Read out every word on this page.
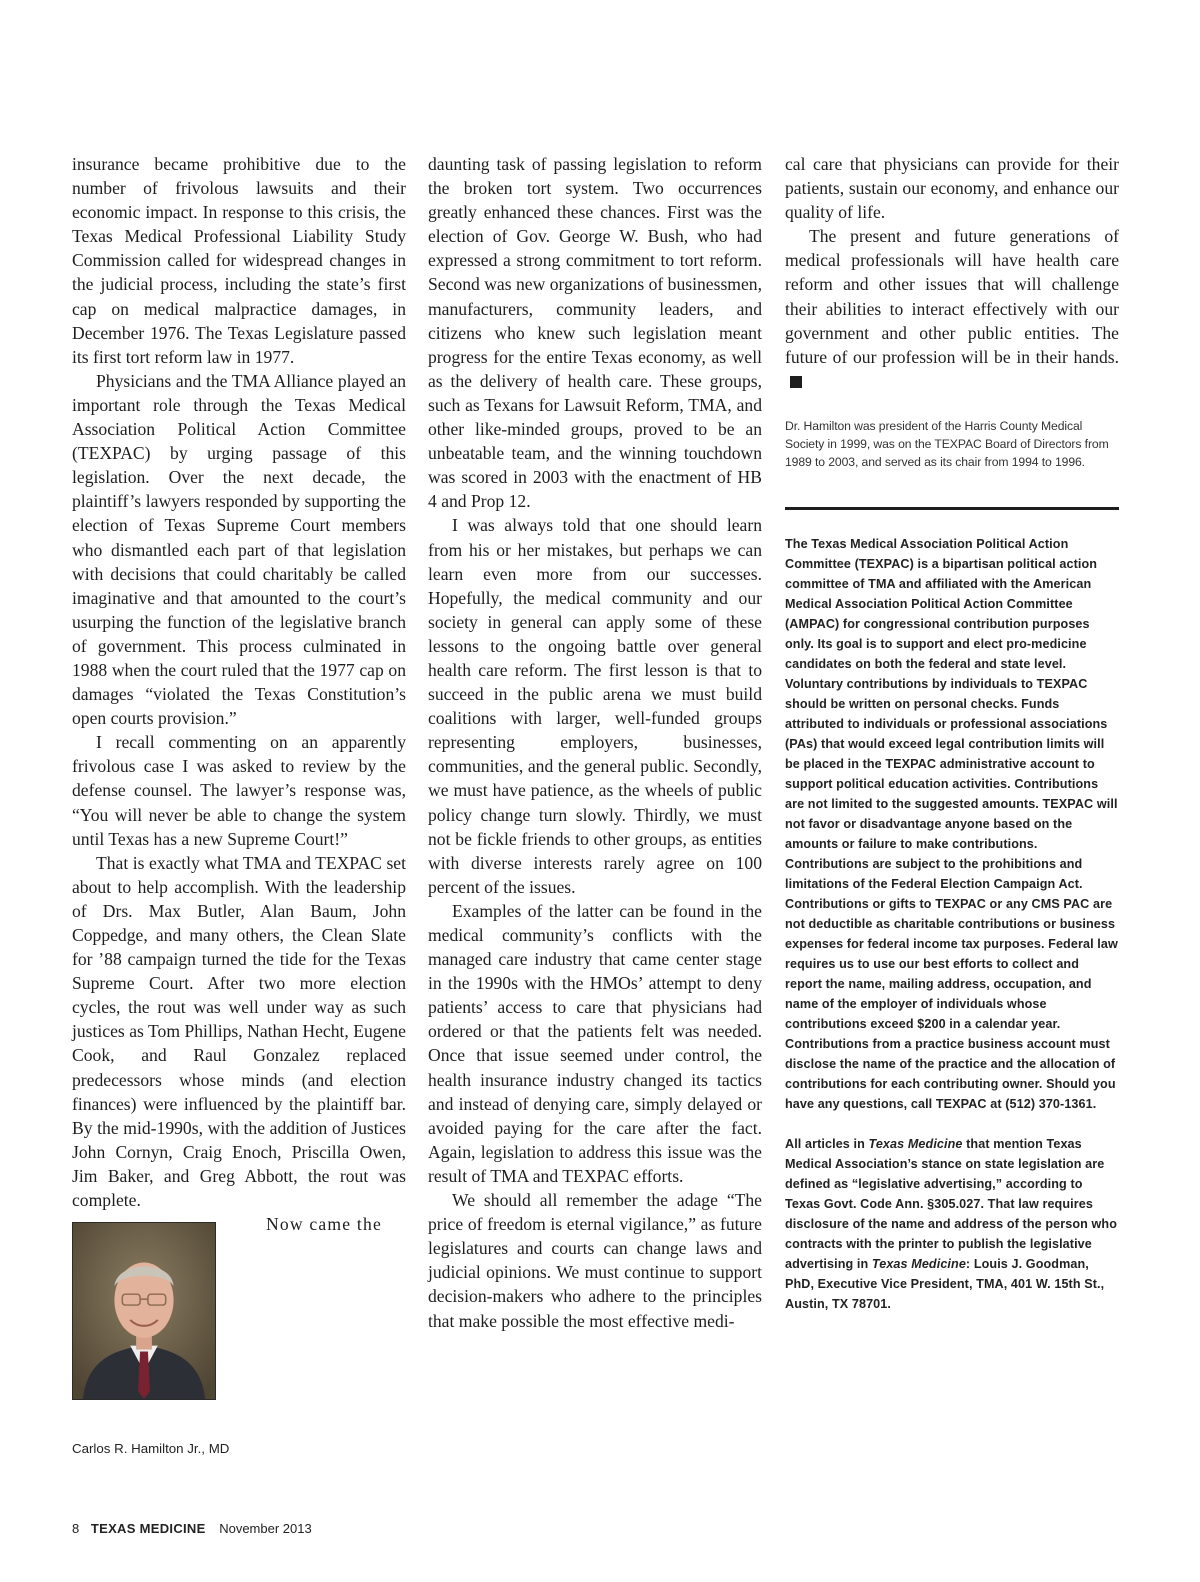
insurance became prohibitive due to the number of frivolous lawsuits and their economic impact. In response to this crisis, the Texas Medical Professional Liability Study Commission called for widespread changes in the judicial process, including the state’s first cap on medical malpractice damages, in December 1976. The Texas Legislature passed its first tort reform law in 1977.

Physicians and the TMA Alliance played an important role through the Texas Medical Association Political Action Committee (TEXPAC) by urging passage of this legislation. Over the next decade, the plaintiff’s lawyers responded by supporting the election of Texas Supreme Court members who dismantled each part of that legislation with decisions that could charitably be called imaginative and that amounted to the court’s usurping the function of the legislative branch of government. This process culminated in 1988 when the court ruled that the 1977 cap on damages “violated the Texas Constitution’s open courts provision.”

I recall commenting on an apparently frivolous case I was asked to review by the defense counsel. The lawyer’s response was, “You will never be able to change the system until Texas has a new Supreme Court!”

That is exactly what TMA and TEXPAC set about to help accomplish. With the leadership of Drs. Max Butler, Alan Baum, John Coppedge, and many others, the Clean Slate for ’88 campaign turned the tide for the Texas Supreme Court. After two more election cycles, the rout was well under way as such justices as Tom Phillips, Nathan Hecht, Eugene Cook, and Raul Gonzalez replaced predecessors whose minds (and election finances) were influenced by the plaintiff bar. By the mid-1990s, with the addition of Justices John Cornyn, Craig Enoch, Priscilla Owen, Jim Baker, and Greg Abbott, the rout was complete.

Carlos R. Hamilton Jr., MD

Now came the

daunting task of passing legislation to reform the broken tort system. Two occurrences greatly enhanced these chances. First was the election of Gov. George W. Bush, who had expressed a strong commitment to tort reform. Second was new organizations of businessmen, manufacturers, community leaders, and citizens who knew such legislation meant progress for the entire Texas economy, as well as the delivery of health care. These groups, such as Texans for Lawsuit Reform, TMA, and other like-minded groups, proved to be an unbeatable team, and the winning touchdown was scored in 2003 with the enactment of HB 4 and Prop 12.

I was always told that one should learn from his or her mistakes, but perhaps we can learn even more from our successes. Hopefully, the medical community and our society in general can apply some of these lessons to the ongoing battle over general health care reform. The first lesson is that to succeed in the public arena we must build coalitions with larger, well-funded groups representing employers, businesses, communities, and the general public. Secondly, we must have patience, as the wheels of public policy change turn slowly. Thirdly, we must not be fickle friends to other groups, as entities with diverse interests rarely agree on 100 percent of the issues.

Examples of the latter can be found in the medical community’s conflicts with the managed care industry that came center stage in the 1990s with the HMOs’ attempt to deny patients’ access to care that physicians had ordered or that the patients felt was needed. Once that issue seemed under control, the health insurance industry changed its tactics and instead of denying care, simply delayed or avoided paying for the care after the fact. Again, legislation to address this issue was the result of TMA and TEXPAC efforts.

We should all remember the adage “The price of freedom is eternal vigilance,” as future legislatures and courts can change laws and judicial opinions. We must continue to support decision-makers who adhere to the principles that make possible the most effective medi-

cal care that physicians can provide for their patients, sustain our economy, and enhance our quality of life.

The present and future generations of medical professionals will have health care reform and other issues that will challenge their abilities to interact effectively with our government and other public entities. The future of our profession will be in their hands.

Dr. Hamilton was president of the Harris County Medical Society in 1999, was on the TEXPAC Board of Directors from 1989 to 2003, and served as its chair from 1994 to 1996.

The Texas Medical Association Political Action Committee (TEXPAC) is a bipartisan political action committee of TMA and affiliated with the American Medical Association Political Action Committee (AMPAC) for congressional contribution purposes only. Its goal is to support and elect pro-medicine candidates on both the federal and state level. Voluntary contributions by individuals to TEXPAC should be written on personal checks. Funds attributed to individuals or professional associations (PAs) that would exceed legal contribution limits will be placed in the TEXPAC administrative account to support political education activities. Contributions are not limited to the suggested amounts. TEXPAC will not favor or disadvantage anyone based on the amounts or failure to make contributions. Contributions are subject to the prohibitions and limitations of the Federal Election Campaign Act. Contributions or gifts to TEXPAC or any CMS PAC are not deductible as charitable contributions or business expenses for federal income tax purposes. Federal law requires us to use our best efforts to collect and report the name, mailing address, occupation, and name of the employer of individuals whose contributions exceed $200 in a calendar year. Contributions from a practice business account must disclose the name of the practice and the allocation of contributions for each contributing owner. Should you have any questions, call TEXPAC at (512) 370-1361.

All articles in Texas Medicine that mention Texas Medical Association’s stance on state legislation are defined as “legislative advertising,” according to Texas Govt. Code Ann. §305.027. That law requires disclosure of the name and address of the person who contracts with the printer to publish the legislative advertising in Texas Medicine: Louis J. Goodman, PhD, Executive Vice President, TMA, 401 W. 15th St., Austin, TX 78701.

8 TEXAS MEDICINE November 2013
